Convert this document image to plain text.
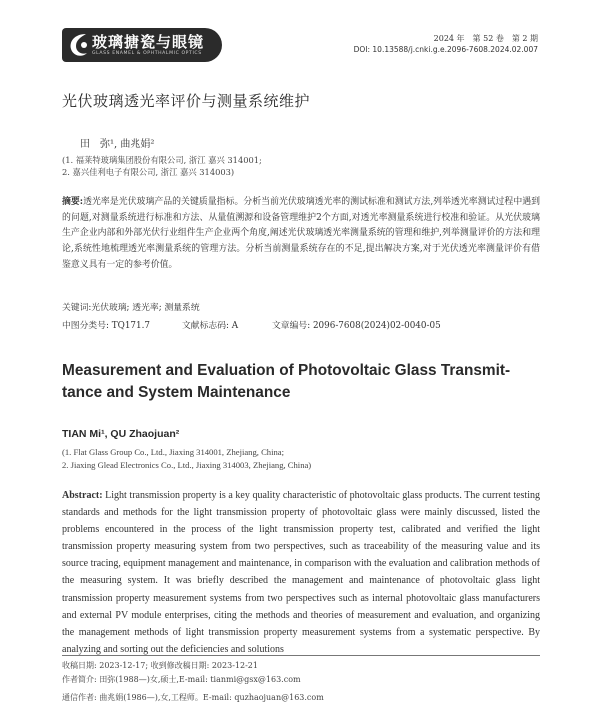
玻璃搪瓷与眼镜
GLASS ENAMEL & OPHTHALMIC OPTICS
2024 年　第 52 卷　第 2 期
DOI: 10.13588/j.cnki.g.e.2096-7608.2024.02.007
光伏玻璃透光率评价与测量系统维护
田　弥¹, 曲兆娟²
(1. 福莱特玻璃集团股份有限公司, 浙江 嘉兴 314001;
2. 嘉兴佳利电子有限公司, 浙江 嘉兴 314003)
摘要:透光率是光伏玻璃产品的关键质量指标。分析当前光伏玻璃透光率的测试标准和测试方法,列举透光率测试过程中遇到的问题,对测量系统进行标准和方法、从量值溯源和设备管理维护2个方面,对透光率测量系统进行校准和验证。从光伏玻璃生产企业内部和外部光伏行业组件生产企业两个角度,阐述光伏玻璃透光率测量系统的管理和维护,列举测量评价的方法和理论,系统性地梳理透光率测量系统的管理方法。分析当前测量系统存在的不足,提出解决方案,对于光伏透光率测量评价有借鉴意义具有一定的参考价值。
关键词:光伏玻璃; 透光率; 测量系统
中图分类号: TQ171.7	文献标志码: A	文章编号: 2096-7608(2024)02-0040-05
Measurement and Evaluation of Photovoltaic Glass Transmit-tance and System Maintenance
TIAN Mi¹, QU Zhaojuan²
(1. Flat Glass Group Co., Ltd., Jiaxing 314001, Zhejiang, China;
2. Jiaxing Glead Electronics Co., Ltd., Jiaxing 314003, Zhejiang, China)
Abstract: Light transmission property is a key quality characteristic of photovoltaic glass products. The current testing standards and methods for the light transmission property of photovoltaic glass were mainly discussed, listed the problems encountered in the process of the light transmission property test, calibrated and verified the light transmission property measuring system from two perspectives, such as traceability of the measuring value and its source tracing, equipment management and maintenance, in comparison with the evaluation and calibration methods of the measuring system. It was briefly described the management and maintenance of photovoltaic glass light transmission property measurement systems from two perspectives such as internal photovoltaic glass manufacturers and external PV module enterprises, citing the methods and theories of measurement and evaluation, and organizing the management methods of light transmission property measurement systems from a systematic perspective. By analyzing and sorting out the deficiencies and solutions
收稿日期: 2023-12-17; 收到修改稿日期: 2023-12-21
作者简介: 田弥(1988—)女,硕士,E-mail: tianmi@gsx@163.com
通信作者: 曲兆娟(1986—),女,工程师。E-mail: quzhaojuan@163.com
